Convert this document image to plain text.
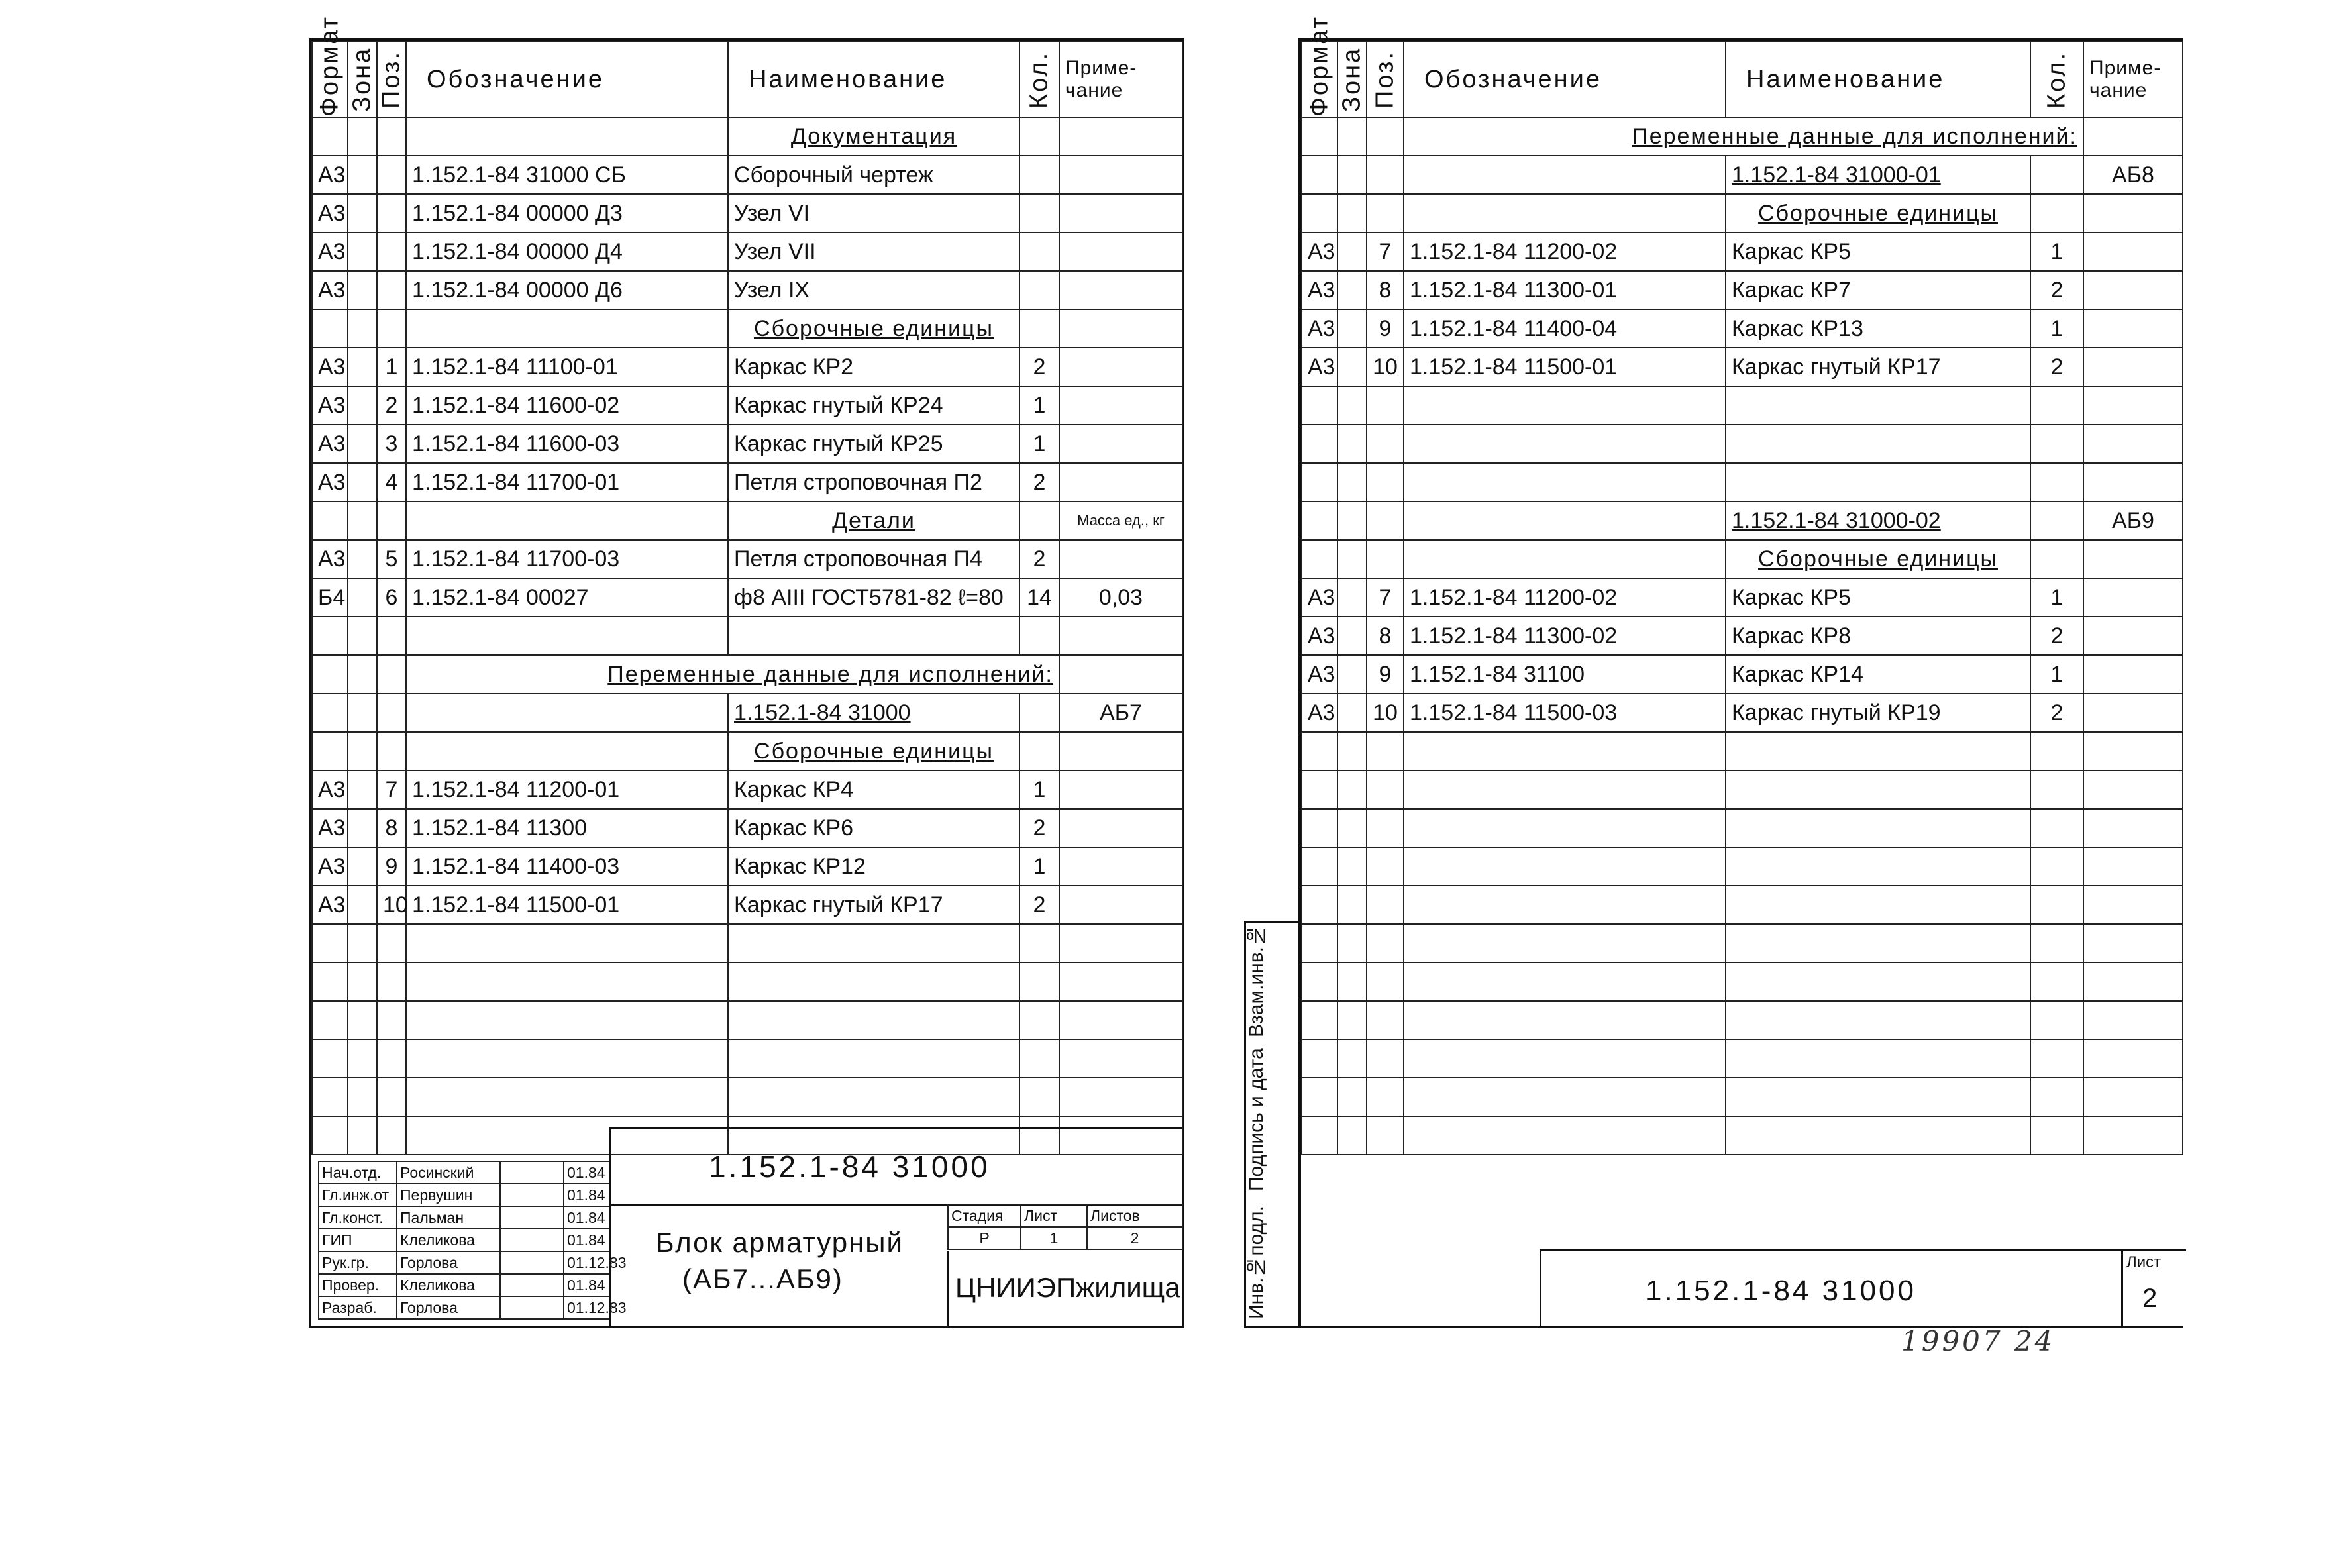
Формат	Зона	Поз.	Обозначение	Наименование	Кол.	Приме-чание
				Документация		
А3			1.152.1-84 31000 СБ	Сборочный чертеж		
А3			1.152.1-84 00000 Д3	Узел VI		
А3			1.152.1-84 00000 Д4	Узел VII		
А3			1.152.1-84 00000 Д6	Узел IX		
				Сборочные единицы		
А3		1	1.152.1-84 11100-01	Каркас КР2	2	
А3		2	1.152.1-84 11600-02	Каркас гнутый КР24	1	
А3		3	1.152.1-84 11600-03	Каркас гнутый КР25	1	
А3		4	1.152.1-84 11700-01	Петля строповочная П2	2	
				Детали		Масса ед., кг
А3		5	1.152.1-84 11700-03	Петля строповочная П4	2	
Б4		6	1.152.1-84 00027	ф8 АIII ГОСТ5781-82 ℓ=80	14	0,03

			Переменные данные для исполнений:			
				1.152.1-84 31000		АБ7
				Сборочные единицы		
А3		7	1.152.1-84 11200-01	Каркас КР4	1	
А3		8	1.152.1-84 11300	Каркас КР6	2	
А3		9	1.152.1-84 11400-03	Каркас КР12	1	
А3		10	1.152.1-84 11500-01	Каркас гнутый КР17	2	

Нач.отд.	Росинский		01.84
Гл.инж.от	Первушин		01.84
Гл.конст.	Пальман		01.84
ГИП	Клеликова		01.84
Рук.гр.	Горлова		01.12.83
Провер.	Клеликова		01.84
Разраб.	Горлова		01.12.83
1.152.1-84 31000
Блок арматурный
(АБ7...АБ9)
Стадия	Лист	Листов
Р	1	2
ЦНИИЭПжилища
Формат	Зона	Поз.	Обозначение	Наименование	Кол.	Приме-чание
			Переменные данные для исполнений:			
				1.152.1-84 31000-01		АБ8
				Сборочные единицы		
А3		7	1.152.1-84 11200-02	Каркас КР5	1	
А3		8	1.152.1-84 11300-01	Каркас КР7	2	
А3		9	1.152.1-84 11400-04	Каркас КР13	1	
А3		10	1.152.1-84 11500-01	Каркас гнутый КР17	2	

				1.152.1-84 31000-02		АБ9
				Сборочные единицы		
А3		7	1.152.1-84 11200-02	Каркас КР5	1	
А3		8	1.152.1-84 11300-02	Каркас КР8	2	
А3		9	1.152.1-84 31100	Каркас КР14	1	
А3		10	1.152.1-84 11500-03	Каркас гнутый КР19	2	

1.152.1-84 31000
Лист
2
Инв.№подл.
Подпись и дата
Взам.инв.№
19907 24
